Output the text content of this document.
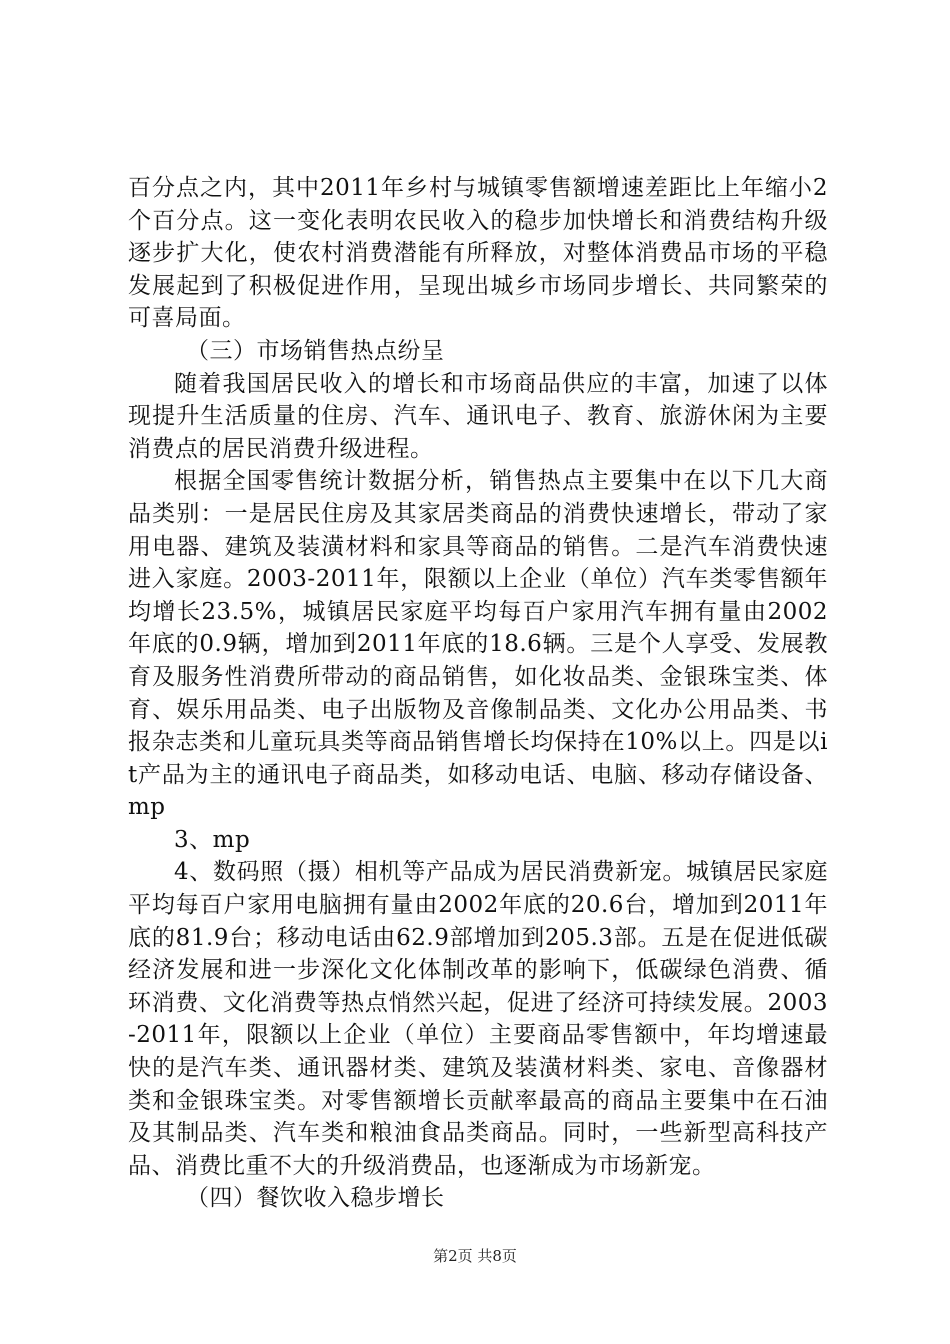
百分点之内，其中2011年乡村与城镇零售额增速差距比上年缩小2个百分点。这一变化表明农民收入的稳步加快增长和消费结构升级逐步扩大化，使农村消费潜能有所释放，对整体消费品市场的平稳发展起到了积极促进作用，呈现出城乡市场同步增长、共同繁荣的可喜局面。

（三）市场销售热点纷呈

随着我国居民收入的增长和市场商品供应的丰富，加速了以体现提升生活质量的住房、汽车、通讯电子、教育、旅游休闲为主要消费点的居民消费升级进程。

根据全国零售统计数据分析，销售热点主要集中在以下几大商品类别：一是居民住房及其家居类商品的消费快速增长，带动了家用电器、建筑及装潢材料和家具等商品的销售。二是汽车消费快速进入家庭。2003-2011年，限额以上企业（单位）汽车类零售额年均增长23.5%，城镇居民家庭平均每百户家用汽车拥有量由2002年底的0.9辆，增加到2011年底的18.6辆。三是个人享受、发展教育及服务性消费所带动的商品销售，如化妆品类、金银珠宝类、体育、娱乐用品类、电子出版物及音像制品类、文化办公用品类、书报杂志类和儿童玩具类等商品销售增长均保持在10%以上。四是以it产品为主的通讯电子商品类，如移动电话、电脑、移动存储设备、mp

3、mp

4、数码照（摄）相机等产品成为居民消费新宠。城镇居民家庭平均每百户家用电脑拥有量由2002年底的20.6台，增加到2011年底的81.9台；移动电话由62.9部增加到205.3部。五是在促进低碳经济发展和进一步深化文化体制改革的影响下，低碳绿色消费、循环消费、文化消费等热点悄然兴起，促进了经济可持续发展。2003-2011年，限额以上企业（单位）主要商品零售额中，年均增速最快的是汽车类、通讯器材类、建筑及装潢材料类、家电、音像器材类和金银珠宝类。对零售额增长贡献率最高的商品主要集中在石油及其制品类、汽车类和粮油食品类商品。同时，一些新型高科技产品、消费比重不大的升级消费品，也逐渐成为市场新宠。

（四）餐饮收入稳步增长

第2页 共8页
